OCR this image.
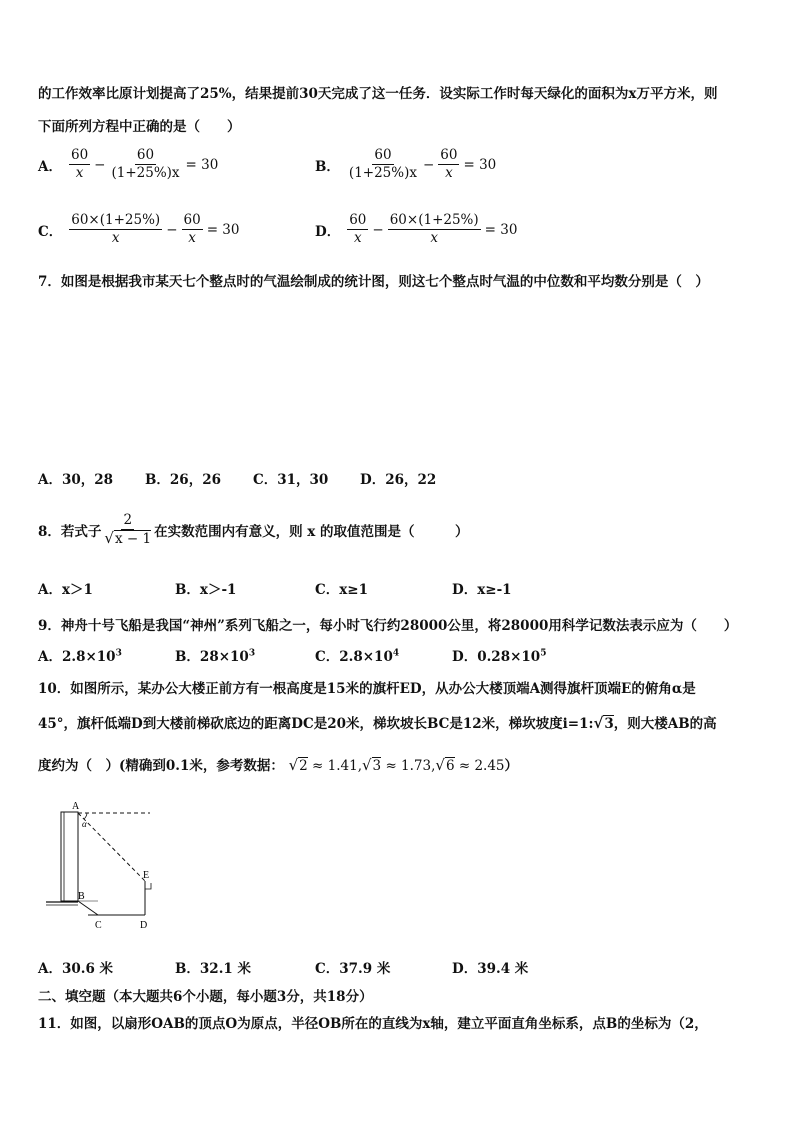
的工作效率比原计划提高了25%，结果提前30天完成了这一任务．设实际工作时每天绿化的面积为x万平方米，则
下面所列方程中正确的是（　　）
A． $\frac{60}{x} - \frac{60}{(1+25\%)x} = 30$	B． $\frac{60}{(1+25\%)x} - \frac{60}{x} = 30$
C． $\frac{60\times(1+25\%)}{x} - \frac{60}{x} = 30$	D． $\frac{60}{x} - \frac{60\times(1+25\%)}{x} = 30$
7．如图是根据我市某天七个整点时的气温绘制成的统计图，则这七个整点时气温的中位数和平均数分别是（　）
A．30，28 B．26，26 C．31，30 D．26，22
8．若式子 $\frac{2}{√x - 1}$ 在实数范围内有意义，则 x 的取值范围是（　　　）
A．x＞1	B．x＞-1	C．x≥1	D．x≥-1
9．神舟十号飞船是我国“神州”系列飞船之一，每小时飞行约28000公里，将28000用科学记数法表示应为（　　）
A．$2.8\times 10^3$	B．$28\times 10^3$	C．$2.8\times 10^4$	D．$0.28\times 10^5$
10．如图所示，某办公大楼正前方有一根高度是15米的旗杆ED，从办公大楼顶端A测得旗杆顶端E的俯角α是
45°，旗杆低端D到大楼前梯砍底边的距离DC是20米，梯坎坡长BC是12米，梯坎坡度i=1:√3，则大楼AB的高
度约为（　）(精确到0.1米，参考数据： √2 ≈ 1.41,√3 ≈ 1.73,√6 ≈ 2.45）
A
α
E
B
C	D
A．30.6 米	B．32.1 米	C．37.9 米	D．39.4 米
二、填空题（本大题共6个小题，每小题3分，共18分）
11．如图，以扇形OAB的顶点O为原点，半径OB所在的直线为x轴，建立平面直角坐标系，点B的坐标为（2，
